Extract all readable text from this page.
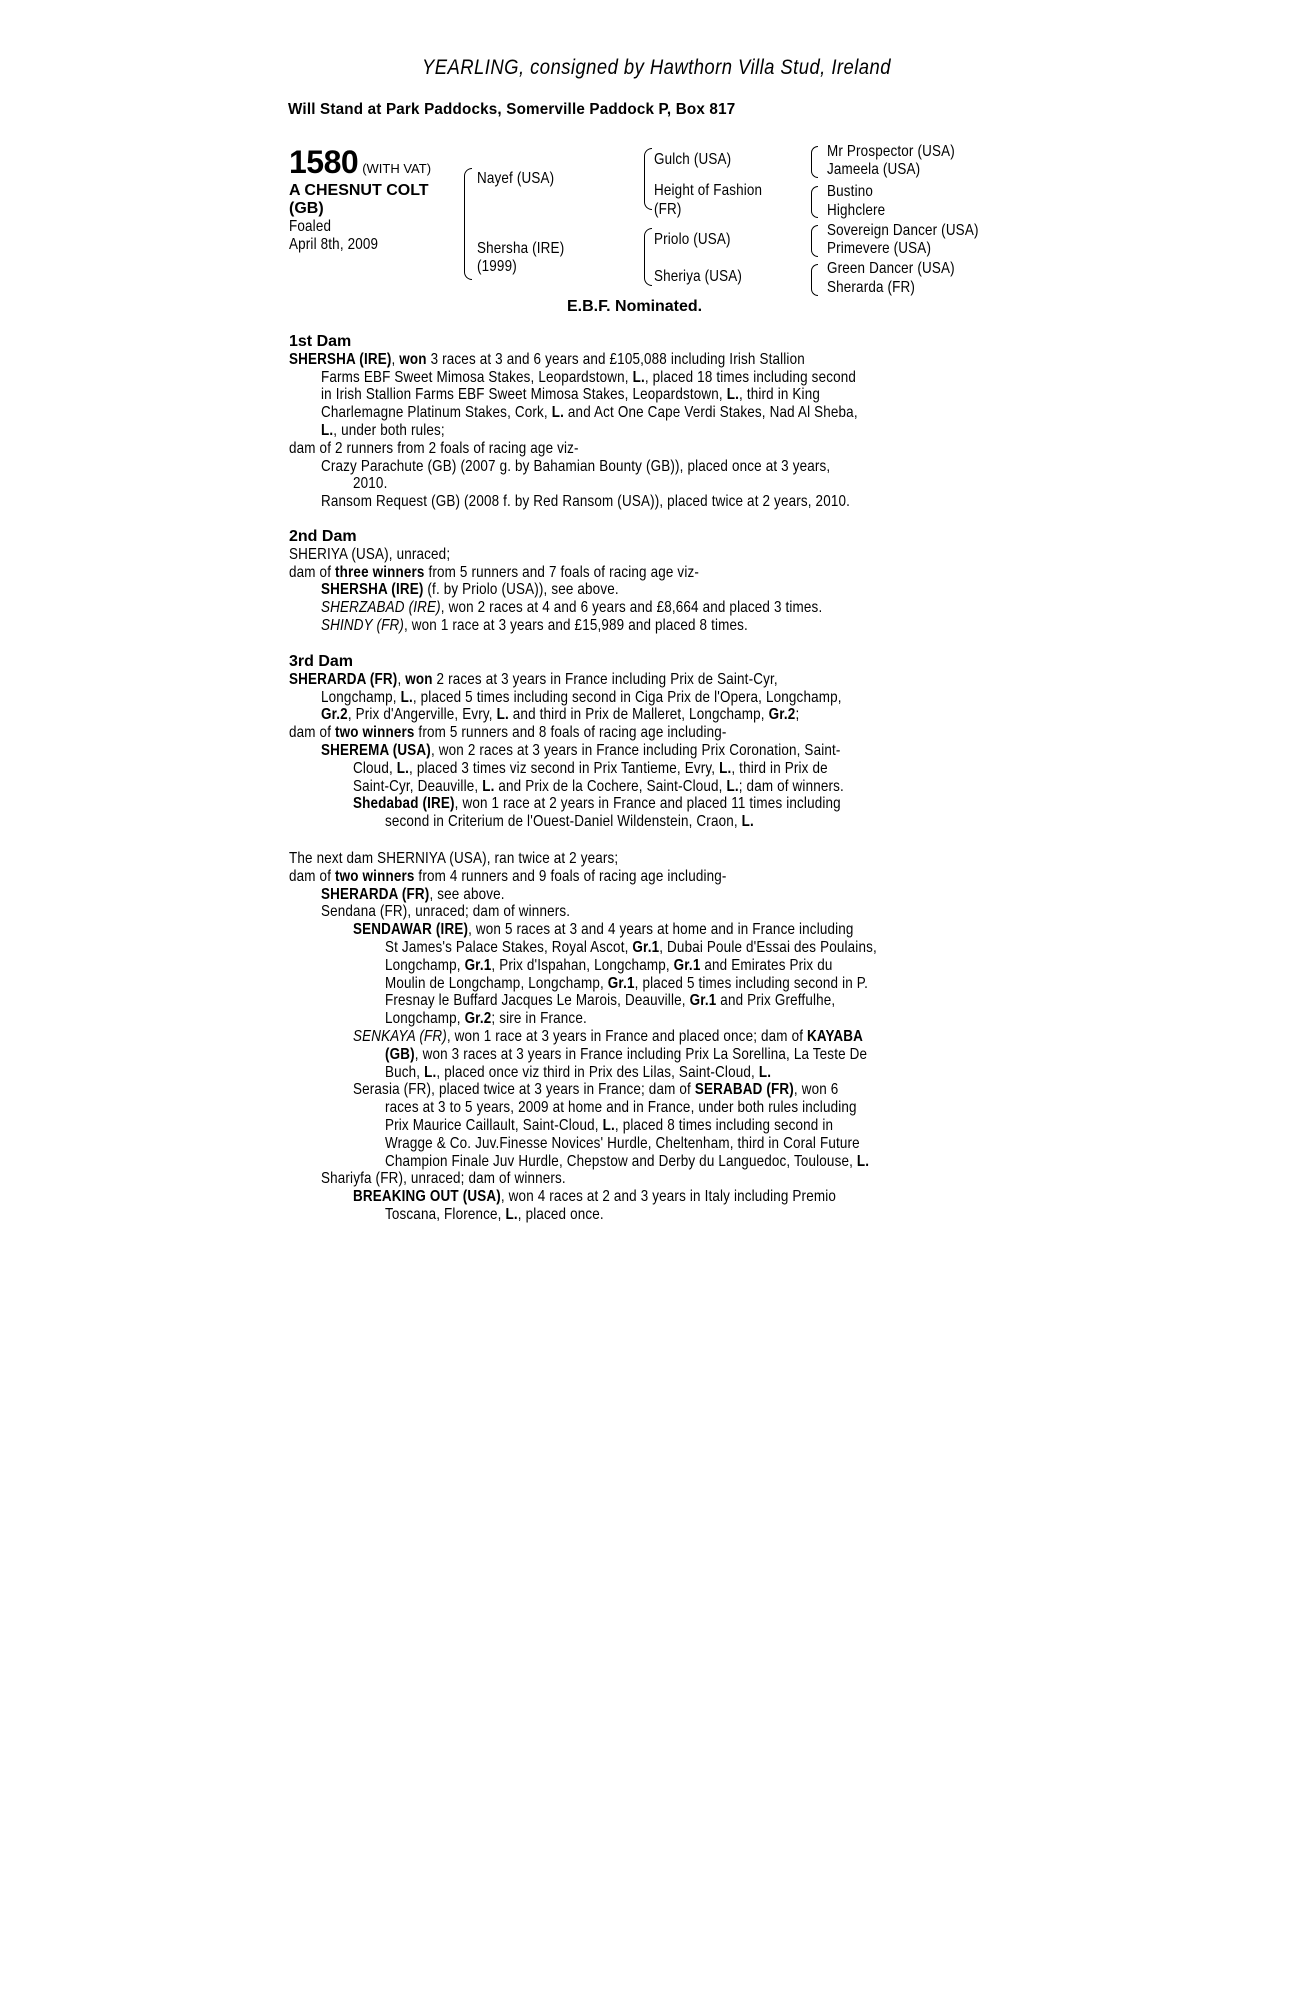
YEARLING, consigned by Hawthorn Villa Stud, Ireland
Will Stand at Park Paddocks, Somerville Paddock P, Box 817
1580 (WITH VAT)
A CHESNUT COLT
(GB)
Foaled
April 8th, 2009
Nayef (USA)
Shersha (IRE)
(1999)
Gulch (USA)
Height of Fashion
(FR)
Priolo (USA)
Sheriya (USA)
Mr Prospector (USA)
Jameela (USA)
Bustino
Highclere
Sovereign Dancer (USA)
Primevere (USA)
Green Dancer (USA)
Sherarda (FR)
E.B.F. Nominated.
1st Dam
SHERSHA (IRE), won 3 races at 3 and 6 years and £105,088 including Irish Stallion
Farms EBF Sweet Mimosa Stakes, Leopardstown, L., placed 18 times including second
in Irish Stallion Farms EBF Sweet Mimosa Stakes, Leopardstown, L., third in King
Charlemagne Platinum Stakes, Cork, L. and Act One Cape Verdi Stakes, Nad Al Sheba,
L., under both rules;
dam of 2 runners from 2 foals of racing age viz-
Crazy Parachute (GB) (2007 g. by Bahamian Bounty (GB)), placed once at 3 years,
2010.
Ransom Request (GB) (2008 f. by Red Ransom (USA)), placed twice at 2 years, 2010.
2nd Dam
SHERIYA (USA), unraced;
dam of three winners from 5 runners and 7 foals of racing age viz-
SHERSHA (IRE) (f. by Priolo (USA)), see above.
SHERZABAD (IRE), won 2 races at 4 and 6 years and £8,664 and placed 3 times.
SHINDY (FR), won 1 race at 3 years and £15,989 and placed 8 times.
3rd Dam
SHERARDA (FR), won 2 races at 3 years in France including Prix de Saint-Cyr,
Longchamp, L., placed 5 times including second in Ciga Prix de l'Opera, Longchamp,
Gr.2, Prix d'Angerville, Evry, L. and third in Prix de Malleret, Longchamp, Gr.2;
dam of two winners from 5 runners and 8 foals of racing age including-
SHEREMA (USA), won 2 races at 3 years in France including Prix Coronation, Saint-
Cloud, L., placed 3 times viz second in Prix Tantieme, Evry, L., third in Prix de
Saint-Cyr, Deauville, L. and Prix de la Cochere, Saint-Cloud, L.; dam of winners.
Shedabad (IRE), won 1 race at 2 years in France and placed 11 times including
second in Criterium de l'Ouest-Daniel Wildenstein, Craon, L.
The next dam SHERNIYA (USA), ran twice at 2 years;
dam of two winners from 4 runners and 9 foals of racing age including-
SHERARDA (FR), see above.
Sendana (FR), unraced; dam of winners.
SENDAWAR (IRE), won 5 races at 3 and 4 years at home and in France including
St James's Palace Stakes, Royal Ascot, Gr.1, Dubai Poule d'Essai des Poulains,
Longchamp, Gr.1, Prix d'Ispahan, Longchamp, Gr.1 and Emirates Prix du
Moulin de Longchamp, Longchamp, Gr.1, placed 5 times including second in P.
Fresnay le Buffard Jacques Le Marois, Deauville, Gr.1 and Prix Greffulhe,
Longchamp, Gr.2; sire in France.
SENKAYA (FR), won 1 race at 3 years in France and placed once; dam of KAYABA
(GB), won 3 races at 3 years in France including Prix La Sorellina, La Teste De
Buch, L., placed once viz third in Prix des Lilas, Saint-Cloud, L.
Serasia (FR), placed twice at 3 years in France; dam of SERABAD (FR), won 6
races at 3 to 5 years, 2009 at home and in France, under both rules including
Prix Maurice Caillault, Saint-Cloud, L., placed 8 times including second in
Wragge & Co. Juv.Finesse Novices' Hurdle, Cheltenham, third in Coral Future
Champion Finale Juv Hurdle, Chepstow and Derby du Languedoc, Toulouse, L.
Shariyfa (FR), unraced; dam of winners.
BREAKING OUT (USA), won 4 races at 2 and 3 years in Italy including Premio
Toscana, Florence, L., placed once.
